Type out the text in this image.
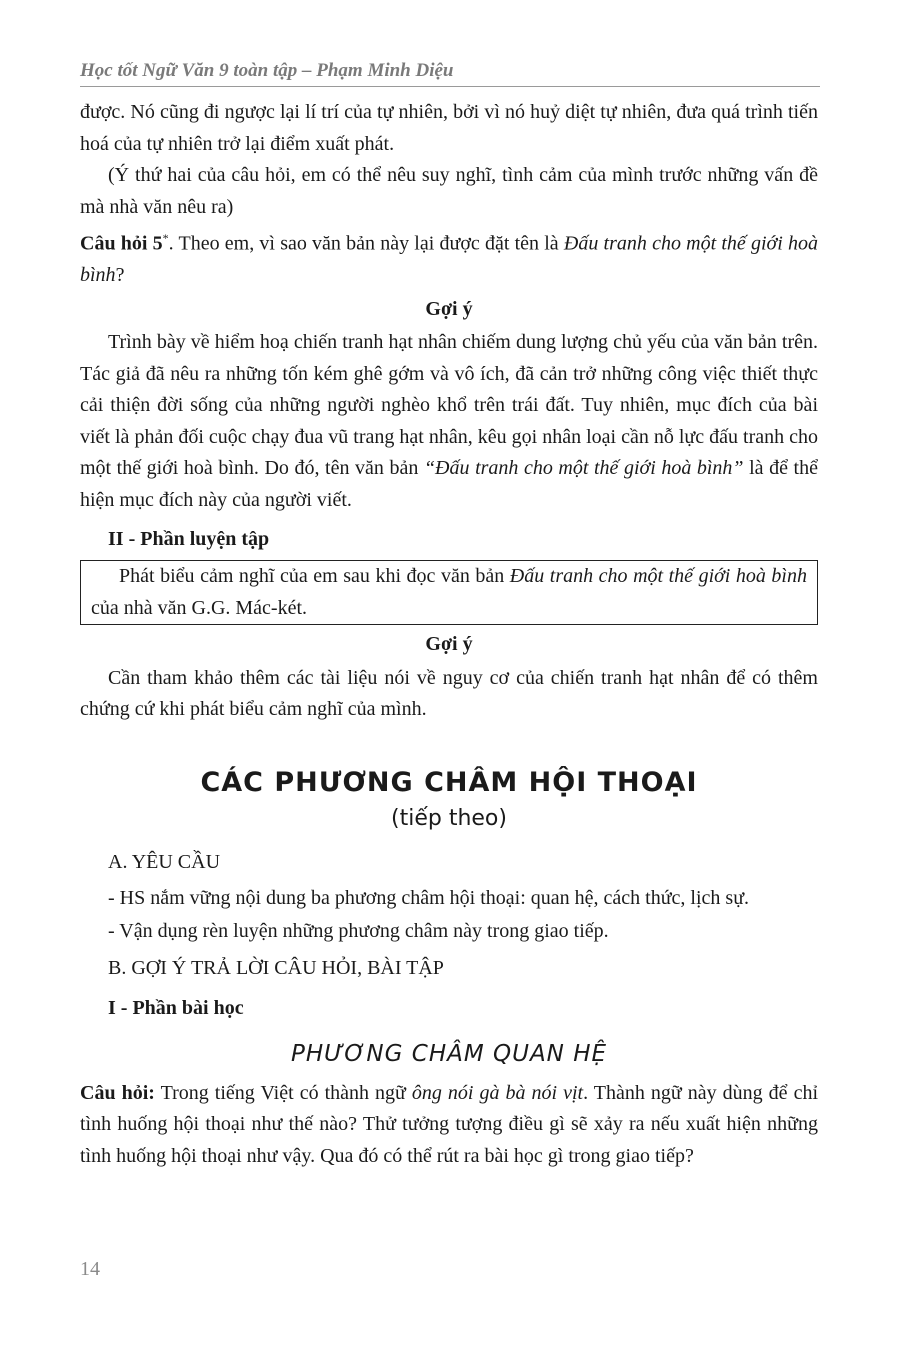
Học tốt Ngữ Văn 9 toàn tập – Phạm Minh Diệu

được. Nó cũng đi ngược lại lí trí của tự nhiên, bởi vì nó huỷ diệt tự nhiên, đưa quá trình tiến hoá của tự nhiên trở lại điểm xuất phát.

(Ý thứ hai của câu hỏi, em có thể nêu suy nghĩ, tình cảm của mình trước những vấn đề mà nhà văn nêu ra)

Câu hỏi 5*. Theo em, vì sao văn bản này lại được đặt tên là Đấu tranh cho một thế giới hoà bình?

Gợi ý

Trình bày về hiểm hoạ chiến tranh hạt nhân chiếm dung lượng chủ yếu của văn bản trên. Tác giả đã nêu ra những tốn kém ghê gớm và vô ích, đã cản trở những công việc thiết thực cải thiện đời sống của những người nghèo khổ trên trái đất. Tuy nhiên, mục đích của bài viết là phản đối cuộc chạy đua vũ trang hạt nhân, kêu gọi nhân loại cần nỗ lực đấu tranh cho một thế giới hoà bình. Do đó, tên văn bản “Đấu tranh cho một thế giới hoà bình” là để thể hiện mục đích này của người viết.

II - Phần luyện tập

Phát biểu cảm nghĩ của em sau khi đọc văn bản Đấu tranh cho một thế giới hoà bình của nhà văn G.G. Mác-két.

Gợi ý

Cần tham khảo thêm các tài liệu nói về nguy cơ của chiến tranh hạt nhân để có thêm chứng cứ khi phát biểu cảm nghĩ của mình.

CÁC PHƯƠNG CHÂM HỘI THOẠI
(tiếp theo)

A. YÊU CẦU

- HS nắm vững nội dung ba phương châm hội thoại: quan hệ, cách thức, lịch sự.

- Vận dụng rèn luyện những phương châm này trong giao tiếp.

B. GỢI Ý TRẢ LỜI CÂU HỎI, BÀI TẬP

I - Phần bài học

PHƯƠNG CHÂM QUAN HỆ

Câu hỏi: Trong tiếng Việt có thành ngữ ông nói gà bà nói vịt. Thành ngữ này dùng để chỉ tình huống hội thoại như thế nào? Thử tưởng tượng điều gì sẽ xảy ra nếu xuất hiện những tình huống hội thoại như vậy. Qua đó có thể rút ra bài học gì trong giao tiếp?

14
